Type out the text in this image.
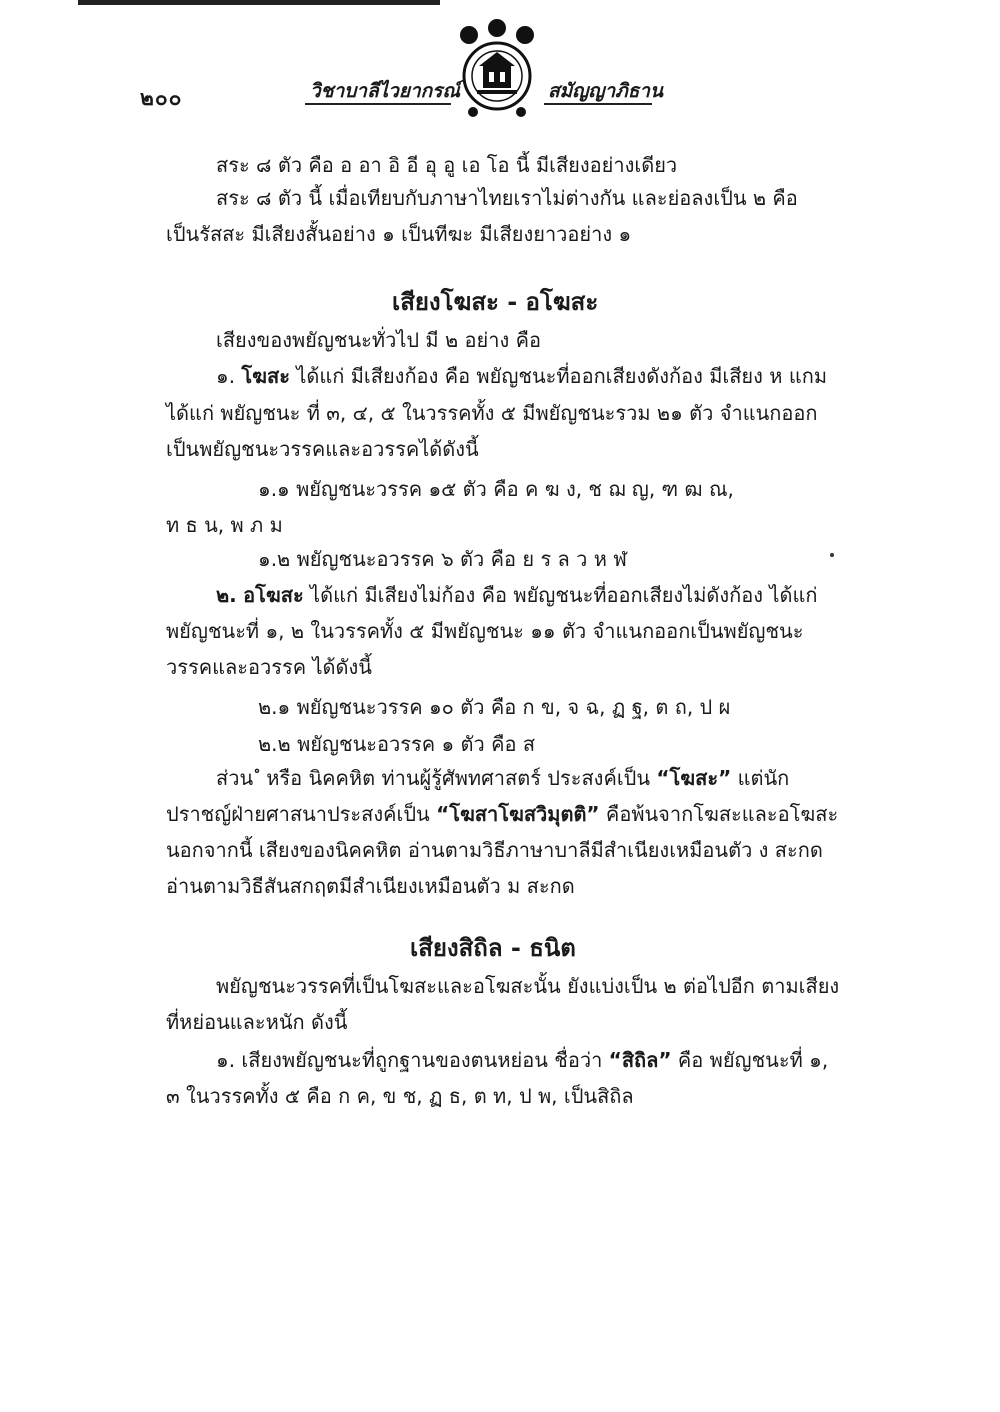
๒๐๐	วิชาบาลีไวยากรณ์	สมัญญาภิธาน
สระ ๘ ตัว คือ อ อา อิ อี อุ อู เอ โอ นี้ มีเสียงอย่างเดียว
สระ ๘ ตัว นี้ เมื่อเทียบกับภาษาไทยเราไม่ต่างกัน และย่อลงเป็น ๒ คือ
เป็นรัสสะ มีเสียงสั้นอย่าง ๑ เป็นทีฆะ มีเสียงยาวอย่าง ๑
เสียงโฆสะ - อโฆสะ
เสียงของพยัญชนะทั่วไป มี ๒ อย่าง คือ
๑. โฆสะ ได้แก่ มีเสียงก้อง คือ พยัญชนะที่ออกเสียงดังก้อง มีเสียง ห แกม
ได้แก่ พยัญชนะ ที่ ๓, ๔, ๕ ในวรรคทั้ง ๕ มีพยัญชนะรวม ๒๑ ตัว จำแนกออก
เป็นพยัญชนะวรรคและอวรรคได้ดังนี้
๑.๑ พยัญชนะวรรค ๑๕ ตัว คือ ค ฆ ง, ช ฌ ญ, ฑ ฒ ณ,
ท ธ น, พ ภ ม
๑.๒ พยัญชนะอวรรค ๖ ตัว คือ ย ร ล ว ห ฬ
๒. อโฆสะ ได้แก่ มีเสียงไม่ก้อง คือ พยัญชนะที่ออกเสียงไม่ดังก้อง ได้แก่
พยัญชนะที่ ๑, ๒ ในวรรคทั้ง ๕ มีพยัญชนะ ๑๑ ตัว จำแนกออกเป็นพยัญชนะ
วรรคและอวรรค ได้ดังนี้
๒.๑ พยัญชนะวรรค ๑๐ ตัว คือ ก ข, จ ฉ, ฏ ฐ, ต ถ, ป ผ
๒.๒ พยัญชนะอวรรค ๑ ตัว คือ ส
ส่วน ํ หรือ นิคคหิต ท่านผู้รู้ศัพทศาสตร์ ประสงค์เป็น “โฆสะ” แต่นัก
ปราชญ์ฝ่ายศาสนาประสงค์เป็น “โฆสาโฆสวิมุตติ” คือพ้นจากโฆสะและอโฆสะ
นอกจากนี้ เสียงของนิคคหิต อ่านตามวิธีภาษาบาลีมีสำเนียงเหมือนตัว ง สะกด
อ่านตามวิธีสันสกฤตมีสำเนียงเหมือนตัว ม สะกด
เสียงสิถิล - ธนิต
พยัญชนะวรรคที่เป็นโฆสะและอโฆสะนั้น ยังแบ่งเป็น ๒ ต่อไปอีก ตามเสียง
ที่หย่อนและหนัก ดังนี้
๑. เสียงพยัญชนะที่ถูกฐานของตนหย่อน ชื่อว่า “สิถิล” คือ พยัญชนะที่ ๑,
๓ ในวรรคทั้ง ๕ คือ ก ค, ข ช, ฏ ธ, ต ท, ป พ, เป็นสิถิล
